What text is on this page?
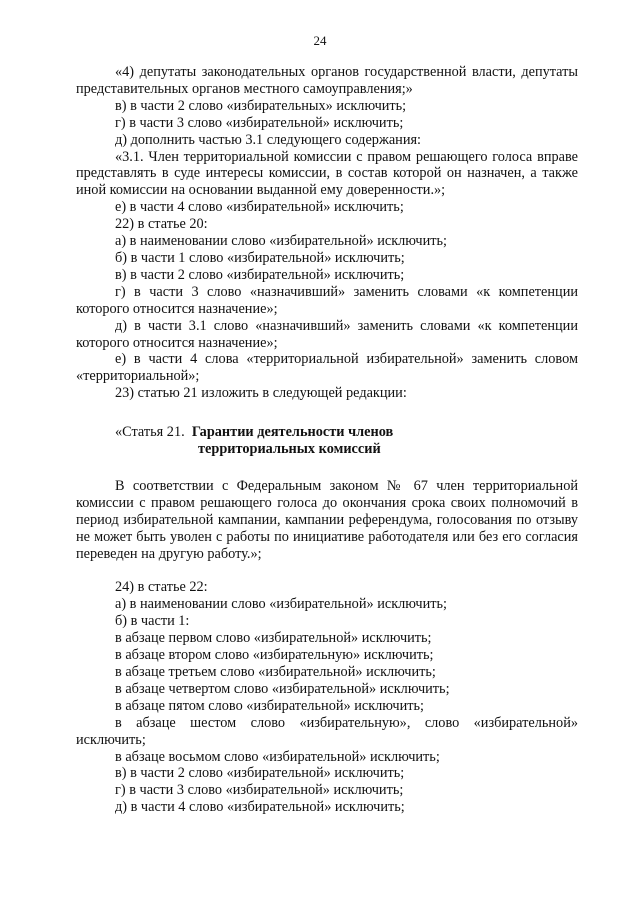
24

«4) депутаты законодательных органов государственной власти, депутаты представительных органов местного самоуправления;»

в) в части 2 слово «избирательных» исключить;

г) в части 3 слово «избирательной» исключить;

д) дополнить частью 3.1 следующего содержания:

«3.1. Член территориальной комиссии с правом решающего голоса вправе представлять в суде интересы комиссии, в состав которой он назначен, а также иной комиссии на основании выданной ему доверенности.»;

е) в части 4 слово «избирательной» исключить;

22) в статье 20:

а) в наименовании слово «избирательной» исключить;

б) в части 1 слово «избирательной» исключить;

в) в части 2 слово «избирательной» исключить;

г) в части 3 слово «назначивший» заменить словами «к компетенции которого относится назначение»;

д) в части 3.1 слово «назначивший» заменить словами «к компетенции которого относится назначение»;

е) в части 4 слова «территориальной избирательной» заменить словом «территориальной»;

23) статью 21 изложить в следующей редакции:

«Статья 21. Гарантии деятельности членов
территориальных комиссий

В соответствии с Федеральным законом № 67 член территориальной комиссии с правом решающего голоса до окончания срока своих полномочий в период избирательной кампании, кампании референдума, голосования по отзыву не может быть уволен с работы по инициативе работодателя или без его согласия переведен на другую работу.»;

24) в статье 22:

а) в наименовании слово «избирательной» исключить;

б) в части 1:

в абзаце первом слово «избирательной» исключить;

в абзаце втором слово «избирательную» исключить;

в абзаце третьем слово «избирательной» исключить;

в абзаце четвертом слово «избирательной» исключить;

в абзаце пятом слово «избирательной» исключить;

в абзаце шестом слово «избирательную», слово «избирательной» исключить;

в абзаце восьмом слово «избирательной» исключить;

в) в части 2 слово «избирательной» исключить;

г) в части 3 слово «избирательной» исключить;

д) в части 4 слово «избирательной» исключить;
